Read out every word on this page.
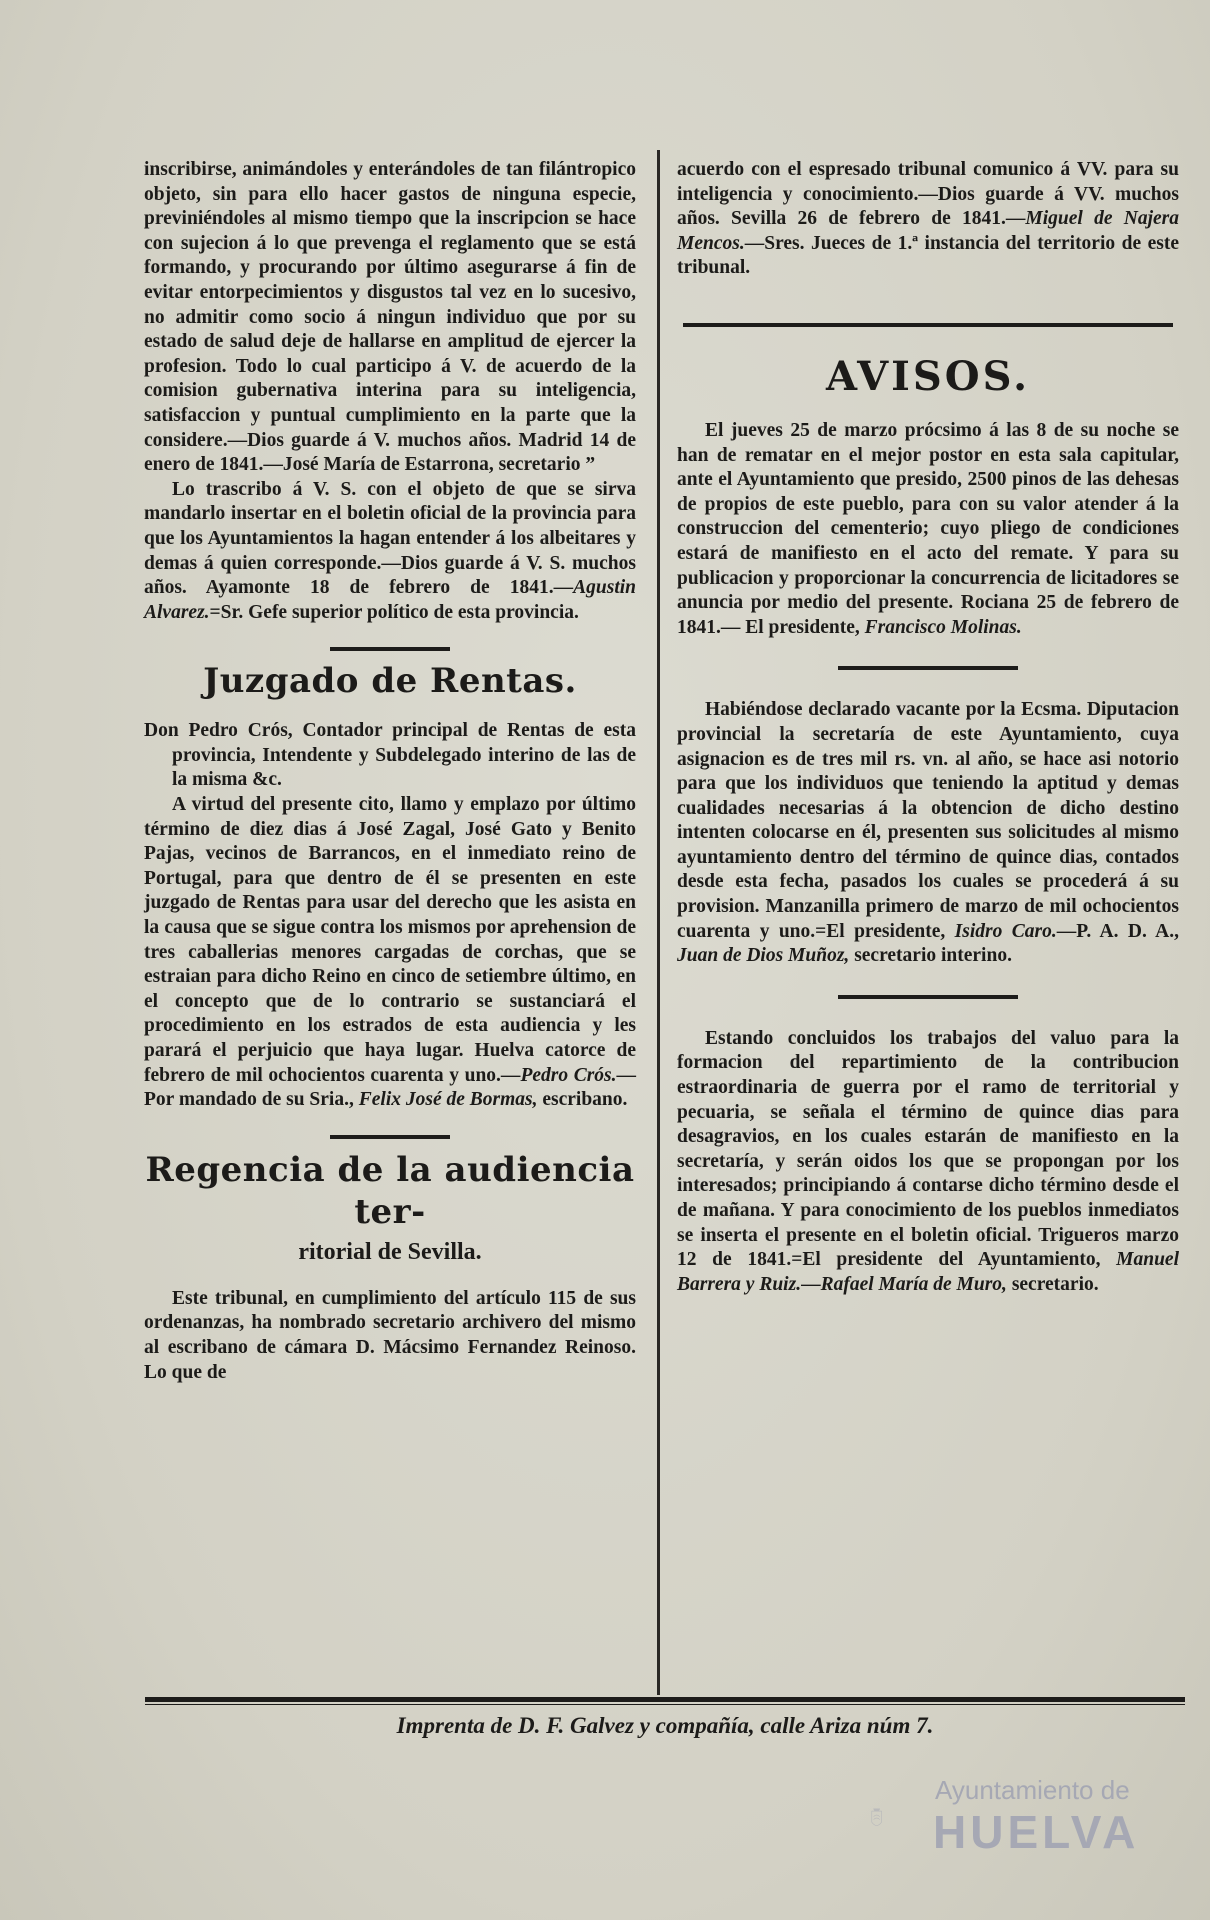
inscribirse, animándoles y enterándoles de tan filántropico objeto, sin para ello hacer gastos de ninguna especie, previniéndoles al mismo tiempo que la inscripcion se hace con sujecion á lo que prevenga el reglamento que se está formando, y procurando por último asegurarse á fin de evitar entorpecimientos y disgustos tal vez en lo sucesivo, no admitir como socio á ningun individuo que por su estado de salud deje de hallarse en amplitud de ejercer la profesion. Todo lo cual participo á V. de acuerdo de la comision gubernativa interina para su inteligencia, satisfaccion y puntual cumplimiento en la parte que la considere.—Dios guarde á V. muchos años. Madrid 14 de enero de 1841.—José María de Estarrona, secretario ”

Lo trascribo á V. S. con el objeto de que se sirva mandarlo insertar en el boletin oficial de la provincia para que los Ayuntamientos la hagan entender á los albeitares y demas á quien corresponde.—Dios guarde á V. S. muchos años. Ayamonte 18 de febrero de 1841.—Agustin Alvarez.=Sr. Gefe superior político de esta provincia.

Juzgado de Rentas.

Don Pedro Crós, Contador principal de Rentas de esta provincia, Intendente y Subdelegado interino de las de la misma &c.

A virtud del presente cito, llamo y emplazo por último término de diez dias á José Zagal, José Gato y Benito Pajas, vecinos de Barrancos, en el inmediato reino de Portugal, para que dentro de él se presenten en este juzgado de Rentas para usar del derecho que les asista en la causa que se sigue contra los mismos por aprehension de tres caballerias menores cargadas de corchas, que se estraian para dicho Reino en cinco de setiembre último, en el concepto que de lo contrario se sustanciará el procedimiento en los estrados de esta audiencia y les parará el perjuicio que haya lugar. Huelva catorce de febrero de mil ochocientos cuarenta y uno.—Pedro Crós.—Por mandado de su Sria., Felix José de Bormas, escribano.

Regencia de la audiencia ter-
ritorial de Sevilla.

Este tribunal, en cumplimiento del artículo 115 de sus ordenanzas, ha nombrado secretario archivero del mismo al escribano de cámara D. Mácsimo Fernandez Reinoso. Lo que de

acuerdo con el espresado tribunal comunico á VV. para su inteligencia y conocimiento.—Dios guarde á VV. muchos años. Sevilla 26 de febrero de 1841.—Miguel de Najera Mencos.—Sres. Jueces de 1.ª instancia del territorio de este tribunal.

AVISOS.

El jueves 25 de marzo prócsimo á las 8 de su noche se han de rematar en el mejor postor en esta sala capitular, ante el Ayuntamiento que presido, 2500 pinos de las dehesas de propios de este pueblo, para con su valor atender á la construccion del cementerio; cuyo pliego de condiciones estará de manifiesto en el acto del remate. Y para su publicacion y proporcionar la concurrencia de licitadores se anuncia por medio del presente. Rociana 25 de febrero de 1841.— El presidente, Francisco Molinas.

Habiéndose declarado vacante por la Ecsma. Diputacion provincial la secretaría de este Ayuntamiento, cuya asignacion es de tres mil rs. vn. al año, se hace asi notorio para que los individuos que teniendo la aptitud y demas cualidades necesarias á la obtencion de dicho destino intenten colocarse en él, presenten sus solicitudes al mismo ayuntamiento dentro del término de quince dias, contados desde esta fecha, pasados los cuales se procederá á su provision. Manzanilla primero de marzo de mil ochocientos cuarenta y uno.=El presidente, Isidro Caro.—P. A. D. A., Juan de Dios Muñoz, secretario interino.

Estando concluidos los trabajos del valuo para la formacion del repartimiento de la contribucion estraordinaria de guerra por el ramo de territorial y pecuaria, se señala el término de quince dias para desagravios, en los cuales estarán de manifiesto en la secretaría, y serán oidos los que se propongan por los interesados; principiando á contarse dicho término desde el de mañana. Y para conocimiento de los pueblos inmediatos se inserta el presente en el boletin oficial. Trigueros marzo 12 de 1841.=El presidente del Ayuntamiento, Manuel Barrera y Ruiz.—Rafael María de Muro, secretario.

Imprenta de D. F. Galvez y compañía, calle Ariza núm 7.
Ayuntamiento de
HUELVA
